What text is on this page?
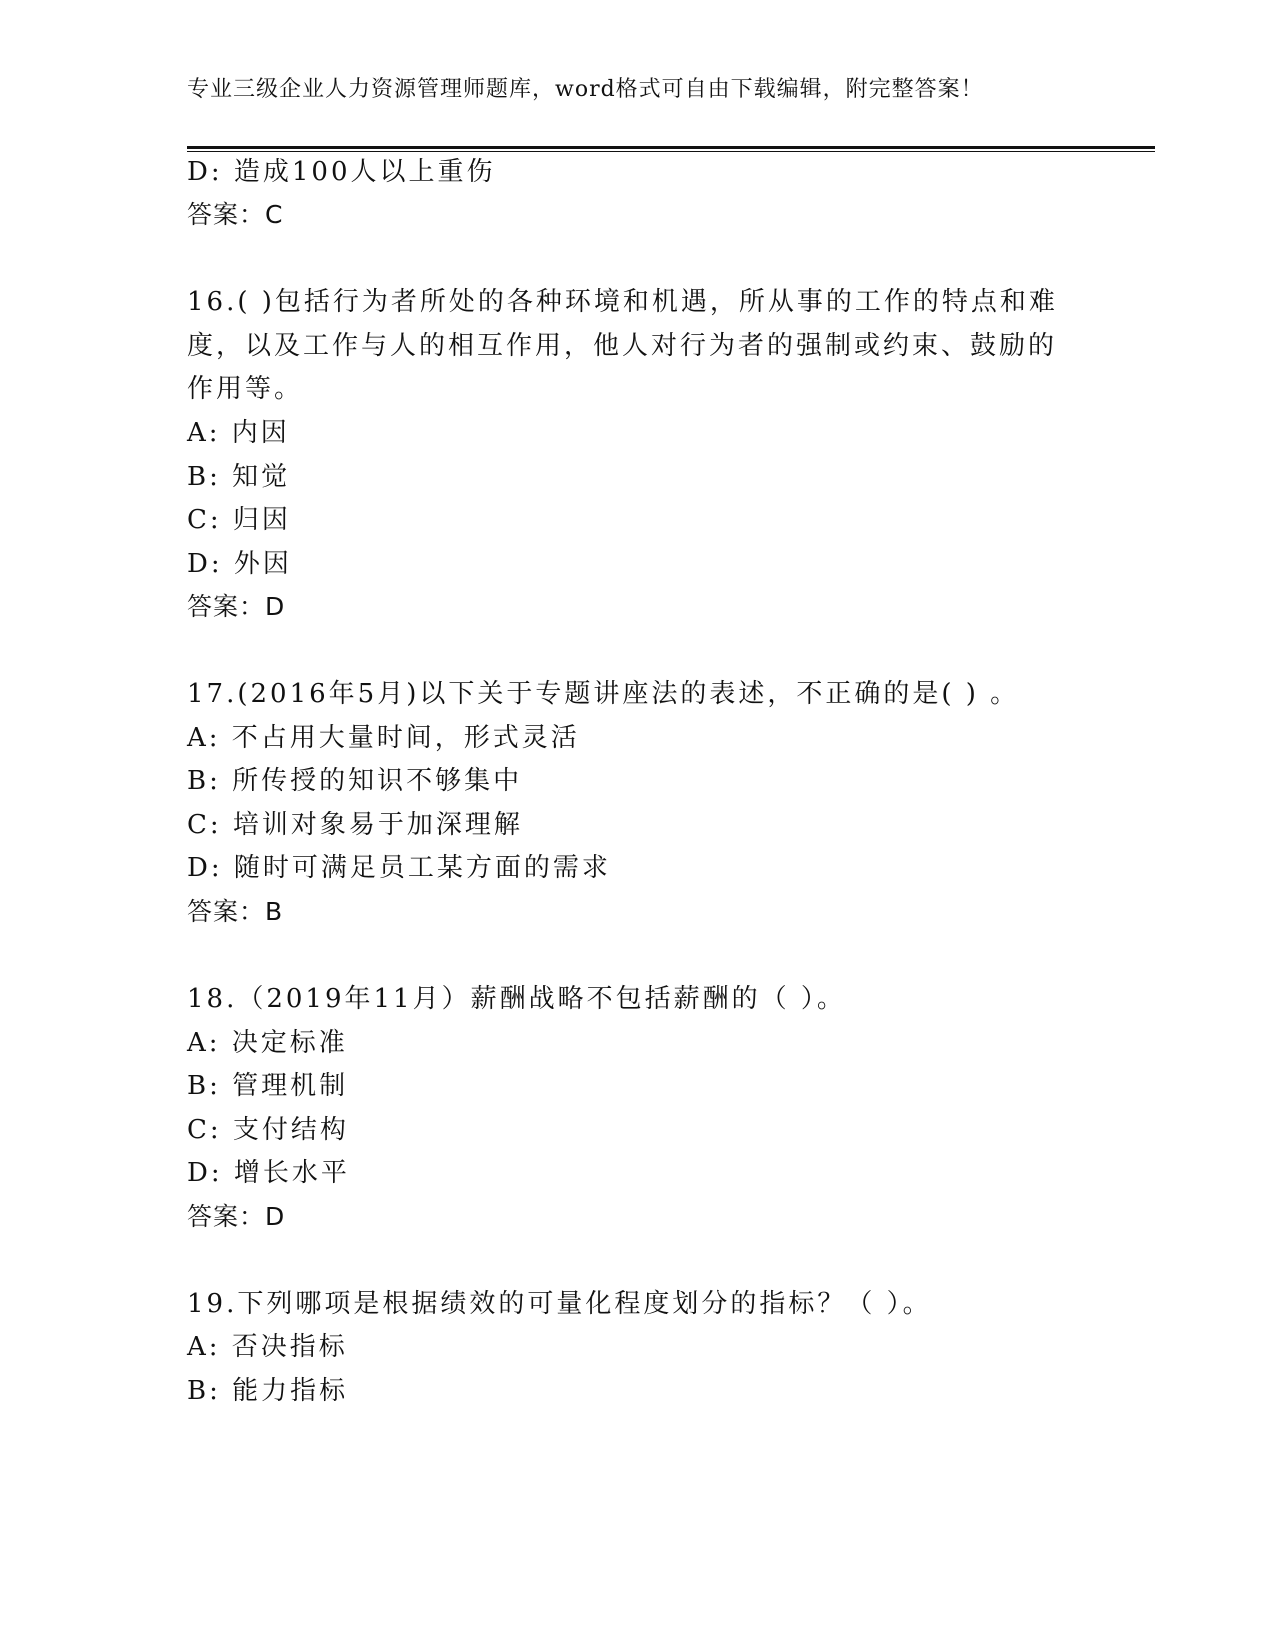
专业三级企业人力资源管理师题库，word格式可自由下载编辑，附完整答案！
D: 造成100人以上重伤
答案：C
16.( )包括行为者所处的各种环境和机遇，所从事的工作的特点和难
度，以及工作与人的相互作用，他人对行为者的强制或约束、鼓励的
作用等。
A: 内因
B: 知觉
C: 归因
D: 外因
答案：D
17.(2016年5月)以下关于专题讲座法的表述，不正确的是( ) 。
A: 不占用大量时间，形式灵活
B: 所传授的知识不够集中
C: 培训对象易于加深理解
D: 随时可满足员工某方面的需求
答案：B
18.（2019年11月）薪酬战略不包括薪酬的（ ）。
A: 决定标准
B: 管理机制
C: 支付结构
D: 增长水平
答案：D
19.下列哪项是根据绩效的可量化程度划分的指标？（ ）。
A: 否决指标
B: 能力指标
